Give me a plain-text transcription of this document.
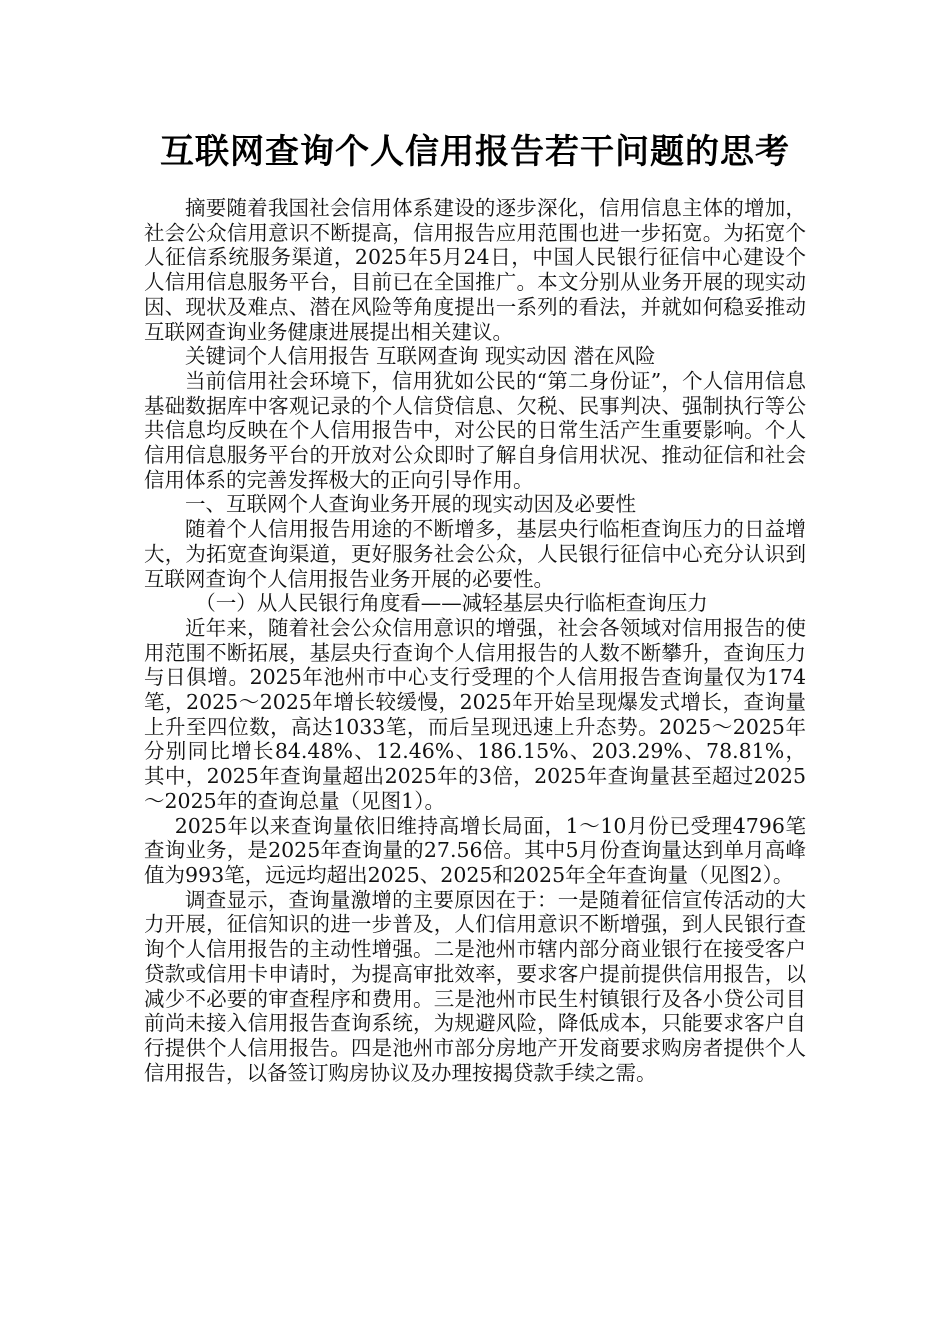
互联网查询个人信用报告若干问题的思考

摘要随着我国社会信用体系建设的逐步深化，信用信息主体的增加，社会公众信用意识不断提高，信用报告应用范围也进一步拓宽。为拓宽个人征信系统服务渠道，2025年5月24日，中国人民银行征信中心建设个人信用信息服务平台，目前已在全国推广。本文分别从业务开展的现实动因、现状及难点、潜在风险等角度提出一系列的看法，并就如何稳妥推动互联网查询业务健康进展提出相关建议。

关键词个人信用报告 互联网查询 现实动因 潜在风险

当前信用社会环境下，信用犹如公民的“第二身份证”，个人信用信息基础数据库中客观记录的个人信贷信息、欠税、民事判决、强制执行等公共信息均反映在个人信用报告中，对公民的日常生活产生重要影响。个人信用信息服务平台的开放对公众即时了解自身信用状况、推动征信和社会信用体系的完善发挥极大的正向引导作用。

一、互联网个人查询业务开展的现实动因及必要性

随着个人信用报告用途的不断增多，基层央行临柜查询压力的日益增大，为拓宽查询渠道，更好服务社会公众，人民银行征信中心充分认识到互联网查询个人信用报告业务开展的必要性。

（一）从人民银行角度看——减轻基层央行临柜查询压力

近年来，随着社会公众信用意识的增强，社会各领域对信用报告的使用范围不断拓展，基层央行查询个人信用报告的人数不断攀升，查询压力与日俱增。2025年池州市中心支行受理的个人信用报告查询量仅为174笔，2025～2025年增长较缓慢，2025年开始呈现爆发式增长，查询量上升至四位数，高达1033笔，而后呈现迅速上升态势。2025～2025年分别同比增长84.48%、12.46%、186.15%、203.29%、78.81%，其中，2025年查询量超出2025年的3倍，2025年查询量甚至超过2025～2025年的查询总量（见图1）。

2025年以来查询量依旧维持高增长局面，1～10月份已受理4796笔查询业务，是2025年查询量的27.56倍。其中5月份查询量达到单月高峰值为993笔，远远均超出2025、2025和2025年全年查询量（见图2）。

调查显示，查询量激增的主要原因在于：一是随着征信宣传活动的大力开展，征信知识的进一步普及，人们信用意识不断增强，到人民银行查询个人信用报告的主动性增强。二是池州市辖内部分商业银行在接受客户贷款或信用卡申请时，为提高审批效率，要求客户提前提供信用报告，以减少不必要的审查程序和费用。三是池州市民生村镇银行及各小贷公司目前尚未接入信用报告查询系统，为规避风险，降低成本，只能要求客户自行提供个人信用报告。四是池州市部分房地产开发商要求购房者提供个人信用报告，以备签订购房协议及办理按揭贷款手续之需。
